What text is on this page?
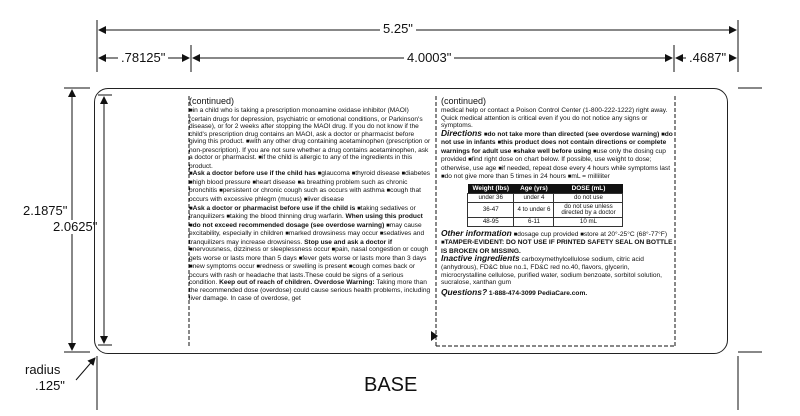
5.25"
.78125"	4.0003"	.4687"
2.1875"
2.0625"
radius
.125"
(continued)
■in a child who is taking a prescription monoamine oxidase inhibitor (MAOI) (certain drugs for depression, psychiatric or emotional conditions, or Parkinson's disease), or for 2 weeks after stopping the MAOI drug. If you do not know if the child's prescription drug contains an MAOI, ask a doctor or pharmacist before giving this product. ■with any other drug containing acetaminophen (prescription or non-prescription). If you are not sure whether a drug contains acetaminophen, ask a doctor or pharmacist. ■if the child is allergic to any of the ingredients in this product.
■Ask a doctor before use if the child has ■glaucoma ■thyroid disease ■diabetes ■high blood pressure ■heart disease ■a breathing problem such as chronic bronchitis ■persistent or chronic cough such as occurs with asthma ■cough that occurs with excessive phlegm (mucus) ■liver disease
■Ask a doctor or pharmacist before use if the child is ■taking sedatives or tranquilizers ■taking the blood thinning drug warfarin. When using this product ■do not exceed recommended dosage (see overdose warning) ■may cause excitability, especially in children ■marked drowsiness may occur ■sedatives and tranquilizers may increase drowsiness. Stop use and ask a doctor if ■nervousness, dizziness or sleeplessness occur ■pain, nasal congestion or cough gets worse or lasts more than 5 days ■fever gets worse or lasts more than 3 days ■new symptoms occur ■redness or swelling is present ■cough comes back or occurs with rash or headache that lasts.These could be signs of a serious condition. Keep out of reach of children. Overdose Warning: Taking more than the recommended dose (overdose) could cause serious health problems, including liver damage. In case of overdose, get
(continued)
medical help or contact a Poison Control Center (1-800-222-1222) right away. Quick medical attention is critical even if you do not notice any signs or symptoms.
Directions ■do not take more than directed (see overdose warning) ■do not use in infants ■this product does not contain directions or complete warnings for adult use ■shake well before using ■use only the dosing cup provided ■find right dose on chart below. If possible, use weight to dose; otherwise, use age ■if needed, repeat dose every 4 hours while symptoms last ■do not give more than 5 times in 24 hours ■mL = milliliter
Weight (lbs)	Age (yrs)	DOSE (mL)
under 36	under 4	do not use
36-47	4 to under 6	do not use unless directed by a doctor
48-95	6-11	10 mL
Other information ■dosage cup provided ■store at 20°-25°C (68°-77°F) ■TAMPER-EVIDENT: DO NOT USE IF PRINTED SAFETY SEAL ON BOTTLE IS BROKEN OR MISSING.
Inactive ingredients carboxymethylcellulose sodium, citric acid (anhydrous), FD&C blue no.1, FD&C red no.40, flavors, glycerin, microcrystalline cellulose, purified water, sodium benzoate, sorbitol solution, sucralose, xanthan gum
Questions? 1-888-474-3099 PediaCare.com.
BASE
